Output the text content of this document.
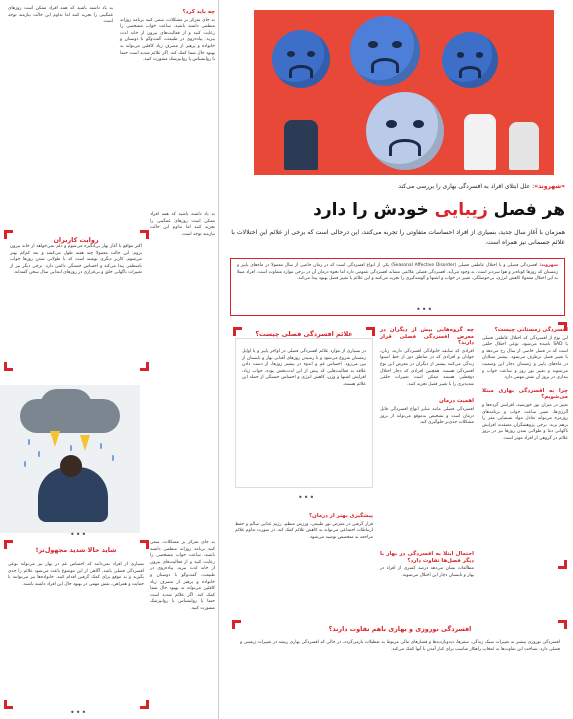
«شهروند»: علل ابتلای افراد به افسردگی بهاری را بررسی می‌کند
هر فصل زیبایی خودش را دارد
همزمان با آغاز سال جدید، بسیاری از افراد احساسات متفاوتی را تجربه می‌کنند، این درحالی است که برخی از علائم این اختلالات با علائم جسمانی نیز همراه است.
شهروند: افسردگی فصلی و یا اختلال عاطفی فصلی (Seasonal Affective Disorder) یکی از انواع افسردگی است که در زمان خاصی از سال معمولا در ماه‌های پاییز و زمستان که روزها کوتاه‌تر و هوا سردتر است، به وجود می‌آید. افسردگی فصلی علائمی مشابه افسردگی عمومی دارد اما نحوه درمان آن در برخی موارد متفاوت است. افراد مبتلا به این اختلال معمولا کاهش انرژی، بی‌حوصلگی، تغییر در خواب و اشتها و گوشه‌گیری را تجربه می‌کنند و این علائم با تغییر فصل بهبود پیدا می‌کند.
افسردگی زمستانی چیست؟

این نوع از افسردگی که اختلال عاطفی فصلی یا SAD نامیده می‌شود، نوعی اختلال خلقی است که در فصل خاصی از سال رخ می‌دهد و با تغییر فصل برطرف می‌شود. بیشتر مبتلایان در ماه‌های پاییز و زمستان دچار این وضعیت می‌شوند و تغییر نور روز و ساعت خواب و بیداری در بروز آن نقش مهمی دارد.

چرا به افسردگی بهاری مبتلا می‌شویم؟

تغییر در میزان نور خورشید، افزایش گرده‌ها و آلرژی‌ها، تغییر ساعت خواب و برنامه‌های روزمره می‌تواند تعادل مواد شیمیایی مغز را برهم بزند. برخی پژوهشگران معتقدند افزایش ناگهانی دما و طولانی شدن روزها نیز در بروز علائم در گروهی از افراد موثر است.

چه گروه‌هایی بیش از دیگران در معرض افسردگی فصلی قرار دارند؟

افرادی که سابقه خانوادگی افسردگی دارند، زنان، جوانان و افرادی که در مناطق دور از خط استوا زندگی می‌کنند بیشتر از دیگران در معرض این نوع افسردگی هستند. همچنین افرادی که دچار اختلال دوقطبی هستند ممکن است تغییرات خلقی شدیدتری را با تغییر فصل تجربه کنند.

اهمیت درمان

افسردگی فصلی مانند سایر انواع افسردگی قابل درمان است و تشخیص به‌موقع می‌تواند از بروز مشکلات جدی‌تر جلوگیری کند.

در بسیاری از موارد علائم افسردگی فصلی در اواخر پاییز و یا اوایل زمستان شروع می‌شود و با رسیدن روزهای آفتابی بهار و تابستان از بین می‌رود. احساس غم و اندوه در بیشتر روزها، از دست دادن علاقه به فعالیت‌هایی که پیش از این لذت‌بخش بوده، خواب زیاد، افزایش اشتها و وزن، کاهش انرژی و احساس خستگی از جمله این علائم هستند.

علائم افسردگی فصلی چیست؟
•••
•••
پیشگیری بهتر از درمان؟

قرار گرفتن در معرض نور طبیعی، ورزش منظم، رژیم غذایی سالم و حفظ ارتباطات اجتماعی می‌تواند به کاهش علائم کمک کند. در صورت تداوم علائم مراجعه به متخصص توصیه می‌شود.

احتمال ابتلا به افسردگی در بهار با دیگر فصل‌ها تفاوت دارد؟

مطالعات نشان می‌دهد درصد کمتری از افراد در بهار و تابستان دچار این اختلال می‌شوند.

افسردگی نوروزی و بهاری باهم تفاوت دارند؟
افسردگی نوروزی بیشتر به تغییرات سبک زندگی، سفرها، دیدوبازدیدها و فشارهای مالی مربوط به تعطیلات بازمی‌گردد، در حالی که افسردگی بهاری ریشه در تغییرات زیستی و فصلی دارد. شناخت این تفاوت‌ها به انتخاب راهکار مناسب برای کنار آمدن با آنها کمک می‌کند.
چه باید کرد؟

به جای تمرکز بر مشکلات، سعی کنید برنامه روزانه منظمی داشته باشید، ساعت خواب مشخصی را رعایت کنید و از فعالیت‌های بیرون از خانه لذت ببرید. پیاده‌روی در طبیعت، گفت‌وگو با دوستان و خانواده و پرهیز از مصرف زیاد کافئین می‌تواند به بهبود حال شما کمک کند. اگر علائم شدید است حتما با روانشناس یا روانپزشک مشورت کنید.

به یاد داشته باشید که همه افراد ممکن است روزهای غمگینی را تجربه کنند اما تداوم این حالت نیازمند توجه است.

اکثر مواقع با آغاز بهار بی‌انگیزه می‌شوم و دلم نمی‌خواهد از خانه بیرون بروم. این حالت معمولا چند هفته طول می‌کشد و بعد کم‌کم بهتر می‌شوم. کاربر دیگری نوشته است که با طولانی شدن روزها خواب نامنظمی پیدا می‌کند و احساس خستگی دائمی دارد. برخی دیگر نیز از تغییرات ناگهانی خلق و بی‌قراری در روزهای ابتدایی سال سخن گفته‌اند.

روایت کاربران

به یاد داشته باشید که همه افراد ممکن است روزهای غمگینی را تجربه کنند اما تداوم این حالت نیازمند توجه است.

شاید حالا شدید مجهول‌تر!
بسیاری از افراد نمی‌دانند که احساس غم در بهار نیز می‌تواند نوعی افسردگی فصلی باشد. آگاهی از این موضوع باعث می‌شود علائم را جدی بگیرند و به موقع برای کمک گرفتن اقدام کنند. خانواده‌ها نیز می‌توانند با حمایت و همراهی، نقش مهمی در بهبود حال این افراد داشته باشند.

به جای تمرکز بر مشکلات، سعی کنید برنامه روزانه منظمی داشته باشید، ساعت خواب مشخصی را رعایت کنید و از فعالیت‌های بیرون از خانه لذت ببرید. پیاده‌روی در طبیعت، گفت‌وگو با دوستان و خانواده و پرهیز از مصرف زیاد کافئین می‌تواند به بهبود حال شما کمک کند. اگر علائم شدید است حتما با روانشناس یا روانپزشک مشورت کنید.

•••
•••
